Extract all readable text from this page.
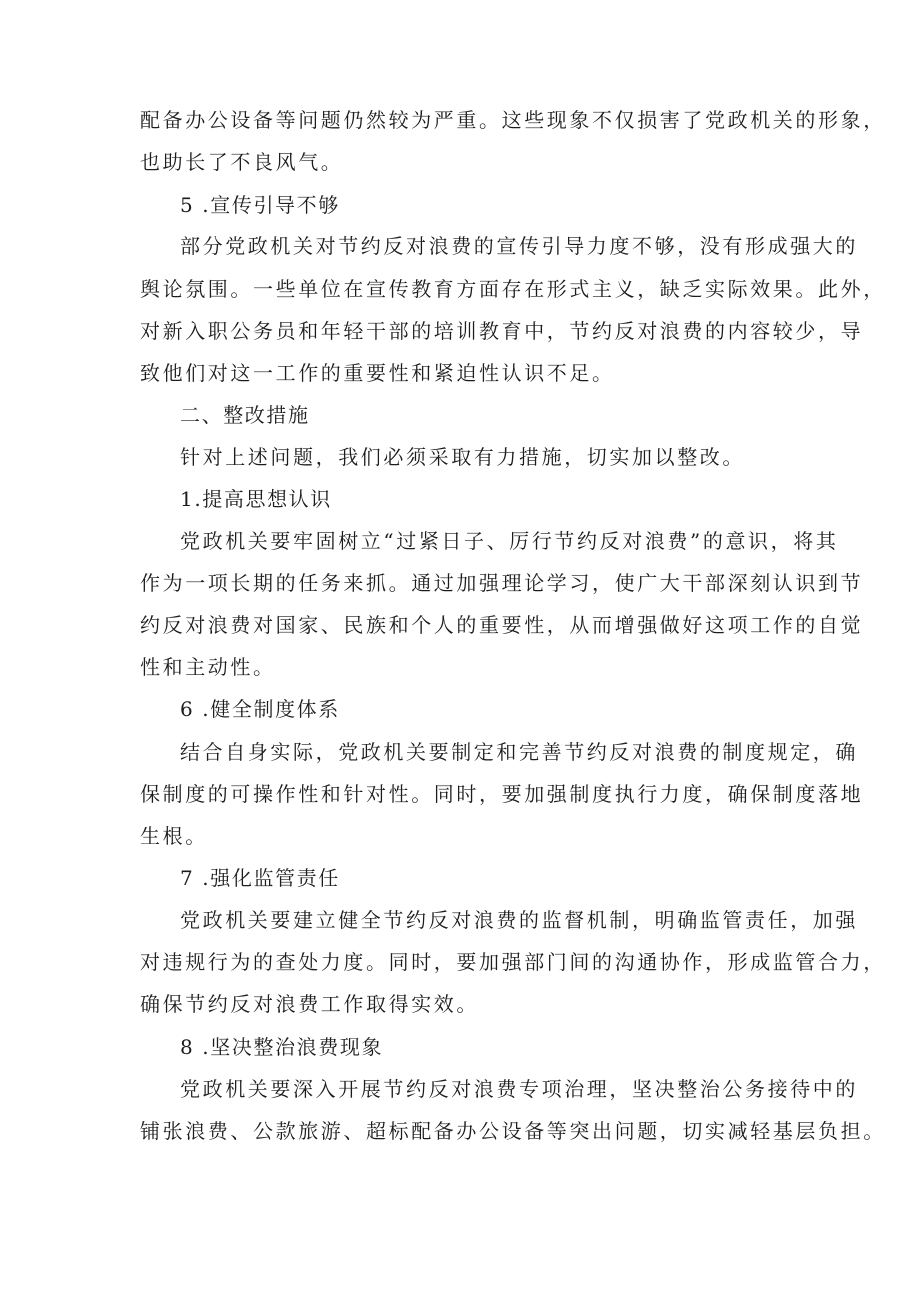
配备办公设备等问题仍然较为严重。这些现象不仅损害了党政机关的形象，
也助长了不良风气。
5 .宣传引导不够
部分党政机关对节约反对浪费的宣传引导力度不够，没有形成强大的
舆论氛围。一些单位在宣传教育方面存在形式主义，缺乏实际效果。此外，
对新入职公务员和年轻干部的培训教育中，节约反对浪费的内容较少，导
致他们对这一工作的重要性和紧迫性认识不足。
二、整改措施
针对上述问题，我们必须采取有力措施，切实加以整改。
1.提高思想认识
党政机关要牢固树立“过紧日子、厉行节约反对浪费”的意识，将其
作为一项长期的任务来抓。通过加强理论学习，使广大干部深刻认识到节
约反对浪费对国家、民族和个人的重要性，从而增强做好这项工作的自觉
性和主动性。
6 .健全制度体系
结合自身实际，党政机关要制定和完善节约反对浪费的制度规定，确
保制度的可操作性和针对性。同时，要加强制度执行力度，确保制度落地
生根。
7 .强化监管责任
党政机关要建立健全节约反对浪费的监督机制，明确监管责任，加强
对违规行为的查处力度。同时，要加强部门间的沟通协作，形成监管合力，
确保节约反对浪费工作取得实效。
8 .坚决整治浪费现象
党政机关要深入开展节约反对浪费专项治理，坚决整治公务接待中的
铺张浪费、公款旅游、超标配备办公设备等突出问题，切实减轻基层负担。
